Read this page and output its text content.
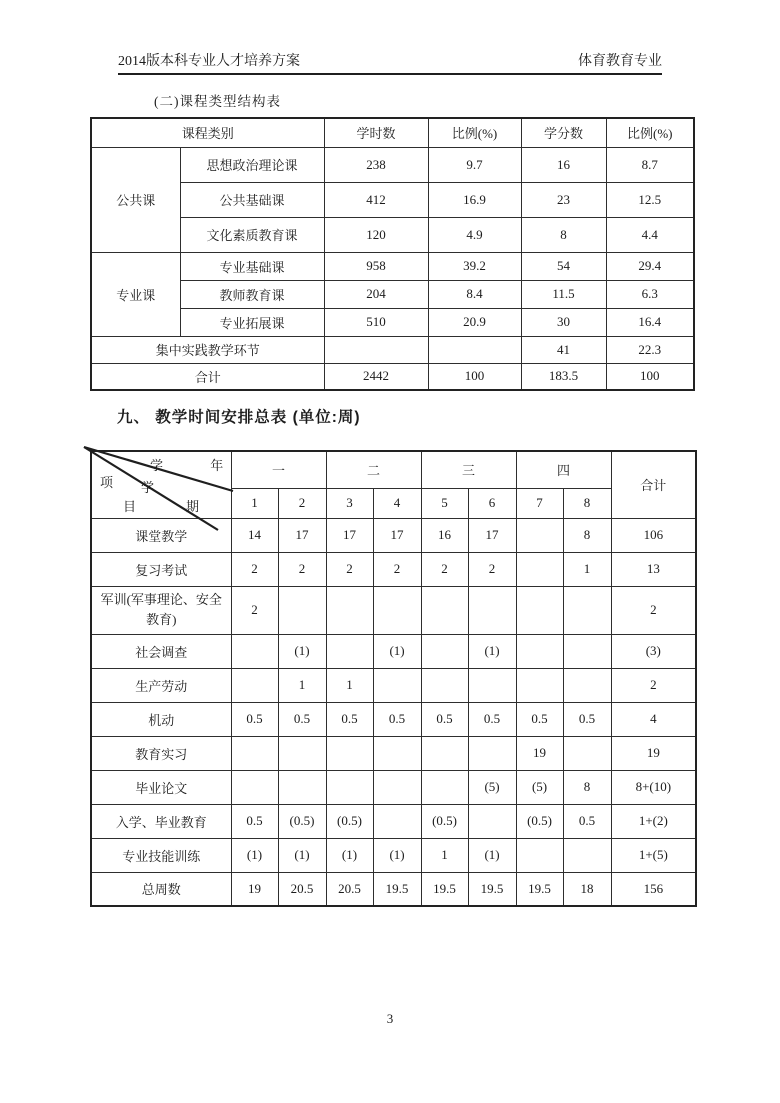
2014版本科专业人才培养方案	体育教育专业
(二)课程类型结构表
课程类别		学时数	比例(%)	学分数	比例(%)
公共课	思想政治理论课	238	9.7	16	8.7
	公共基础课	412	16.9	23	12.5
	文化素质教育课	120	4.9	8	4.4
专业课	专业基础课	958	39.2	54	29.4
	教师教育课	204	8.4	11.5	6.3
	专业拓展课	510	20.9	30	16.4
集中实践教学环节				41	22.3
合计		2442	100	183.5	100
九、 教学时间安排总表 (单位:周)
学 年
项 学
目 期	一		二		三		四		合计
	1	2	3	4	5	6	7	8	
课堂教学	14	17	17	17	16	17		8	106
复习考试	2	2	2	2	2	2		1	13
军训(军事理论、安全教育)	2								2
社会调查		(1)		(1)		(1)			(3)
生产劳动		1	1						2
机动	0.5	0.5	0.5	0.5	0.5	0.5	0.5	0.5	4
教育实习							19		19
毕业论文						(5)	(5)	8	8+(10)
入学、毕业教育	0.5	(0.5)	(0.5)		(0.5)		(0.5)	0.5	1+(2)
专业技能训练	(1)	(1)	(1)	(1)	1	(1)			1+(5)
总周数	19	20.5	20.5	19.5	19.5	19.5	19.5	18	156
3
